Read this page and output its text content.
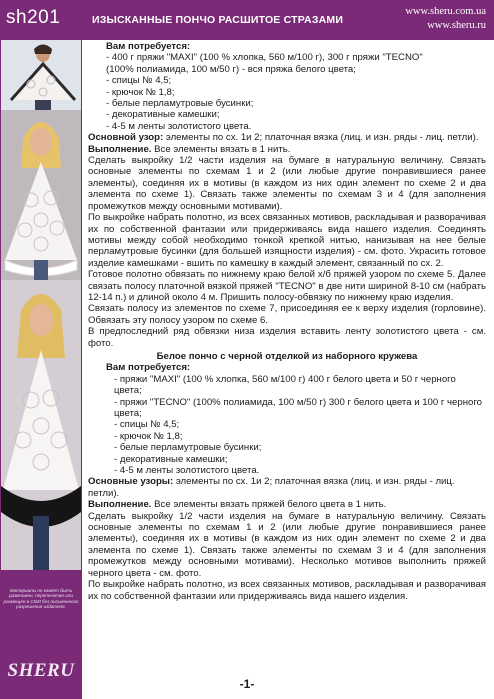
sh201	ИЗЫСКАННЫЕ ПОНЧО РАСШИТОЕ СТРАЗАМИ
www.sheru.com.ua
www.sheru.ru
Материалы не может быть размножен, перепечатан или размещен в СМИ без письменного разрешения издателя.
SHERU

Вам потребуется:

- 400 г пряжи "MAXI" (100 % хлопка, 560 м/100 г), 300 г пряжи "TECNO"

(100% полиамида, 100 м/50 г) - вся пряжа белого цвета;

- спицы № 4,5;

- крючок № 1,8;

- белые перламутровые бусинки;

- декоративные камешки;

- 4-5 м ленты золотистого цвета.

Основной узор: элементы по сх. 1и 2; платочная вязка (лиц. и изн. ряды - лиц. петли).

Выполнение. Все элементы вязать в 1 нить.

Сделать выкройку 1/2 части изделия на бумаге в натуральную величину. Связать основные элементы по схемам 1 и 2 (или любые другие понравившиеся ранее элементы), соединяя их в мотивы (в каждом из них один элемент по схеме 2 и два элемента по схеме 1). Связать также элементы по схемам 3 и 4 (для заполнения промежутков между основными мотивами).

По выкройке набрать полотно, из всех связанных мотивов, раскладывая и разворачивая их по собственной фантазии или придерживаясь вида нашего изделия. Соединять мотивы между собой необходимо тонкой крепкой нитью, нанизывая на нее белые перламутровые бусинки (для большей изящности изделия) - см. фото. Украсить готовое изделие камешками - вшить по камешку в каждый элемент, связанный по сх. 2.

Готовое полотно обвязать по нижнему краю белой х/б пряжей узором по схеме 5. Далее связать полосу платочной вязкой пряжей "TECNO" в две нити шириной 8-10 см (набрать 12-14 п.) и длиной около 4 м. Пришить полосу-обвязку по нижнему краю изделия.

Связать полосу из элементов по схеме 7, присоединяя ее к верху изделия (горловине). Обвязать эту полосу узором по схеме 6.

В предпоследний ряд обвязки низа изделия вставить ленту золотистого цвета - см. фото.

Белое пончо с черной отделкой из наборного кружева

Вам потребуется:

- пряжи "MAXI" (100 % хлопка, 560 м/100 г) 400 г белого цвета и 50 г черного цвета;

- пряжи "TECNO" (100% полиамида, 100 м/50 г) 300 г белого цвета и 100 г черного цвета;

- спицы № 4,5;

- крючок № 1,8;

- белые перламутровые бусинки;

- декоративные камешки;

- 4-5 м ленты золотистого цвета.

Основные узоры: элементы по сх. 1и 2; платочная вязка (лиц. и изн. ряды - лиц. петли).

Выполнение. Все элементы вязать пряжей белого цвета в 1 нить.

Сделать выкройку 1/2 части изделия на бумаге в натуральную величину. Связать основные элементы по схемам 1 и 2 (или любые другие понравившиеся ранее элементы), соединяя их в мотивы (в каждом из них один элемент по схеме 2 и два элемента по схеме 1). Связать также элементы по схемам 3 и 4 (для заполнения промежутков между основными мотивами). Несколько мотивов выполнить пряжей черного цвета - см. фото.

По выкройке набрать полотно, из всех связанных мотивов, раскладывая и разворачивая их по собственной фантазии или придерживаясь вида нашего изделия.

-1-
